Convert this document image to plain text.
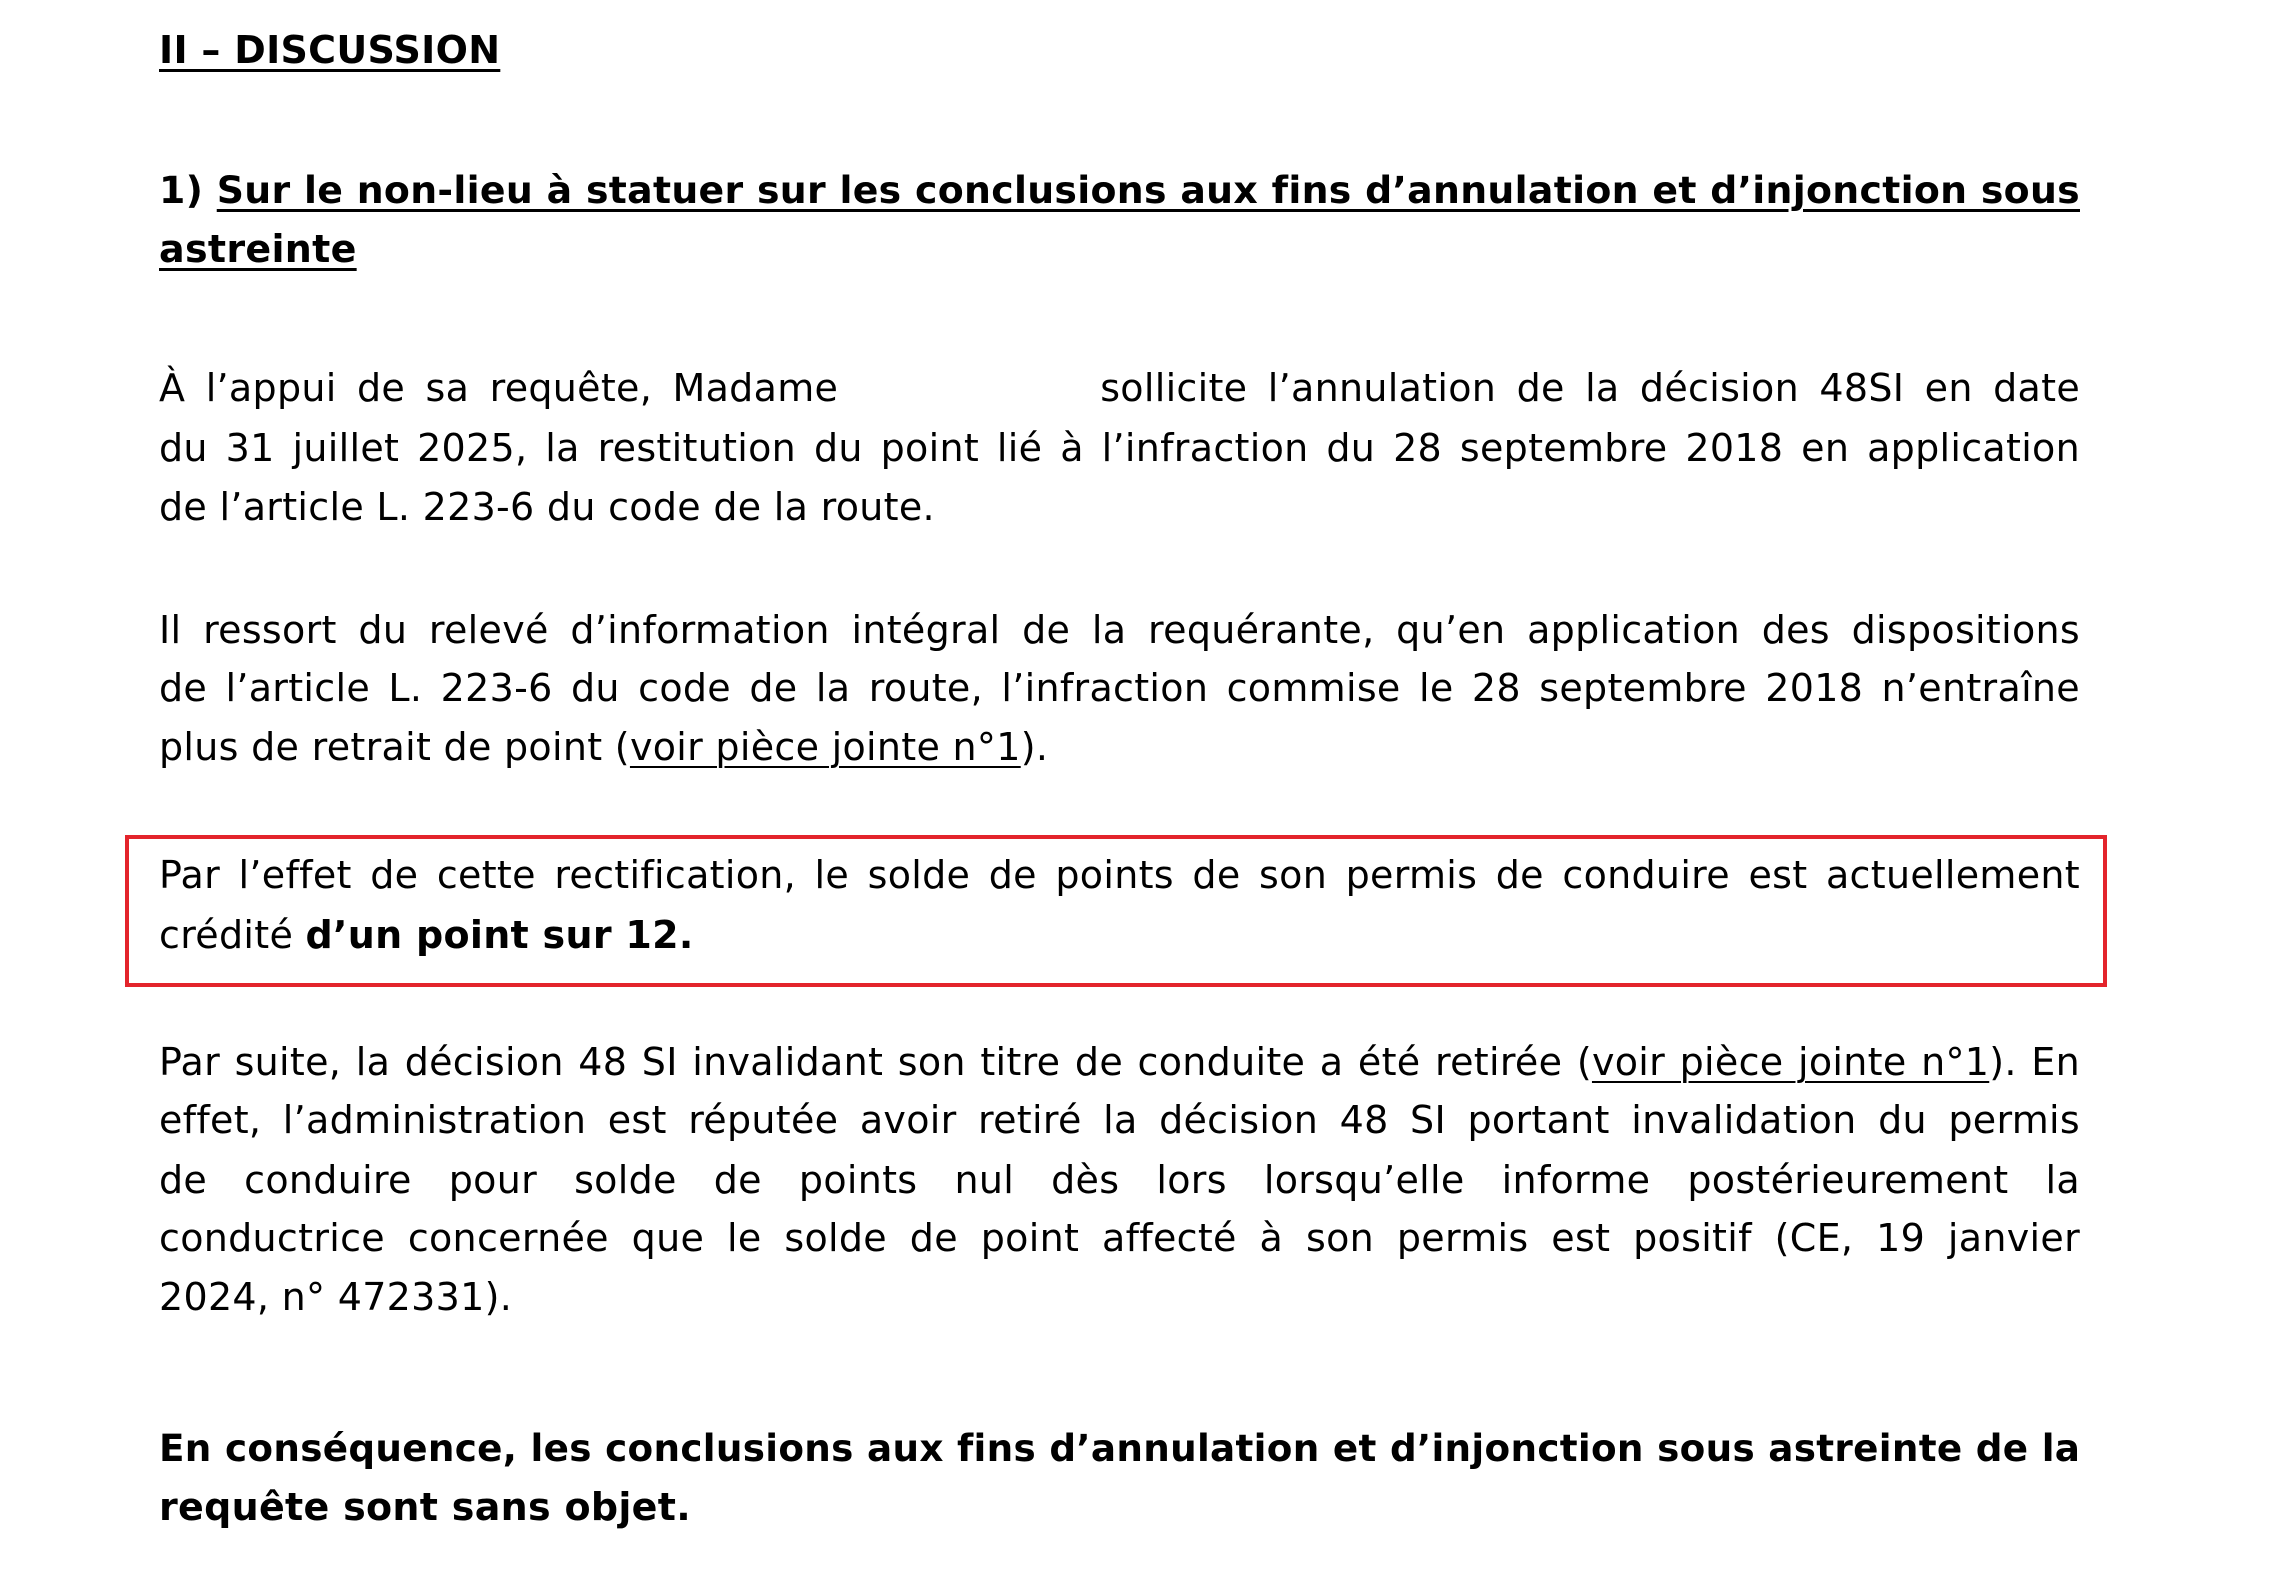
II – DISCUSSION
1) Sur le non-lieu à statuer sur les conclusions aux fins d’annulation et d’injonction sous
astreinte
À l’appui de sa requête, Madame	sollicite l’annulation de la décision 48SI en date
du 31 juillet 2025, la restitution du point lié à l’infraction du 28 septembre 2018 en application
de l’article L. 223-6 du code de la route.
Il ressort du relevé d’information intégral de la requérante, qu’en application des dispositions
de l’article L. 223-6 du code de la route, l’infraction commise le 28 septembre 2018 n’entraîne
plus de retrait de point (voir pièce jointe n°1).
Par l’effet de cette rectification, le solde de points de son permis de conduire est actuellement
crédité d’un point sur 12.
Par suite, la décision 48 SI invalidant son titre de conduite a été retirée (voir pièce jointe n°1). En
effet, l’administration est réputée avoir retiré la décision 48 SI portant invalidation du permis
de conduire pour solde de points nul dès lors lorsqu’elle informe postérieurement la
conductrice concernée que le solde de point affecté à son permis est positif (CE, 19 janvier
2024, n° 472331).
En conséquence, les conclusions aux fins d’annulation et d’injonction sous astreinte de la
requête sont sans objet.
